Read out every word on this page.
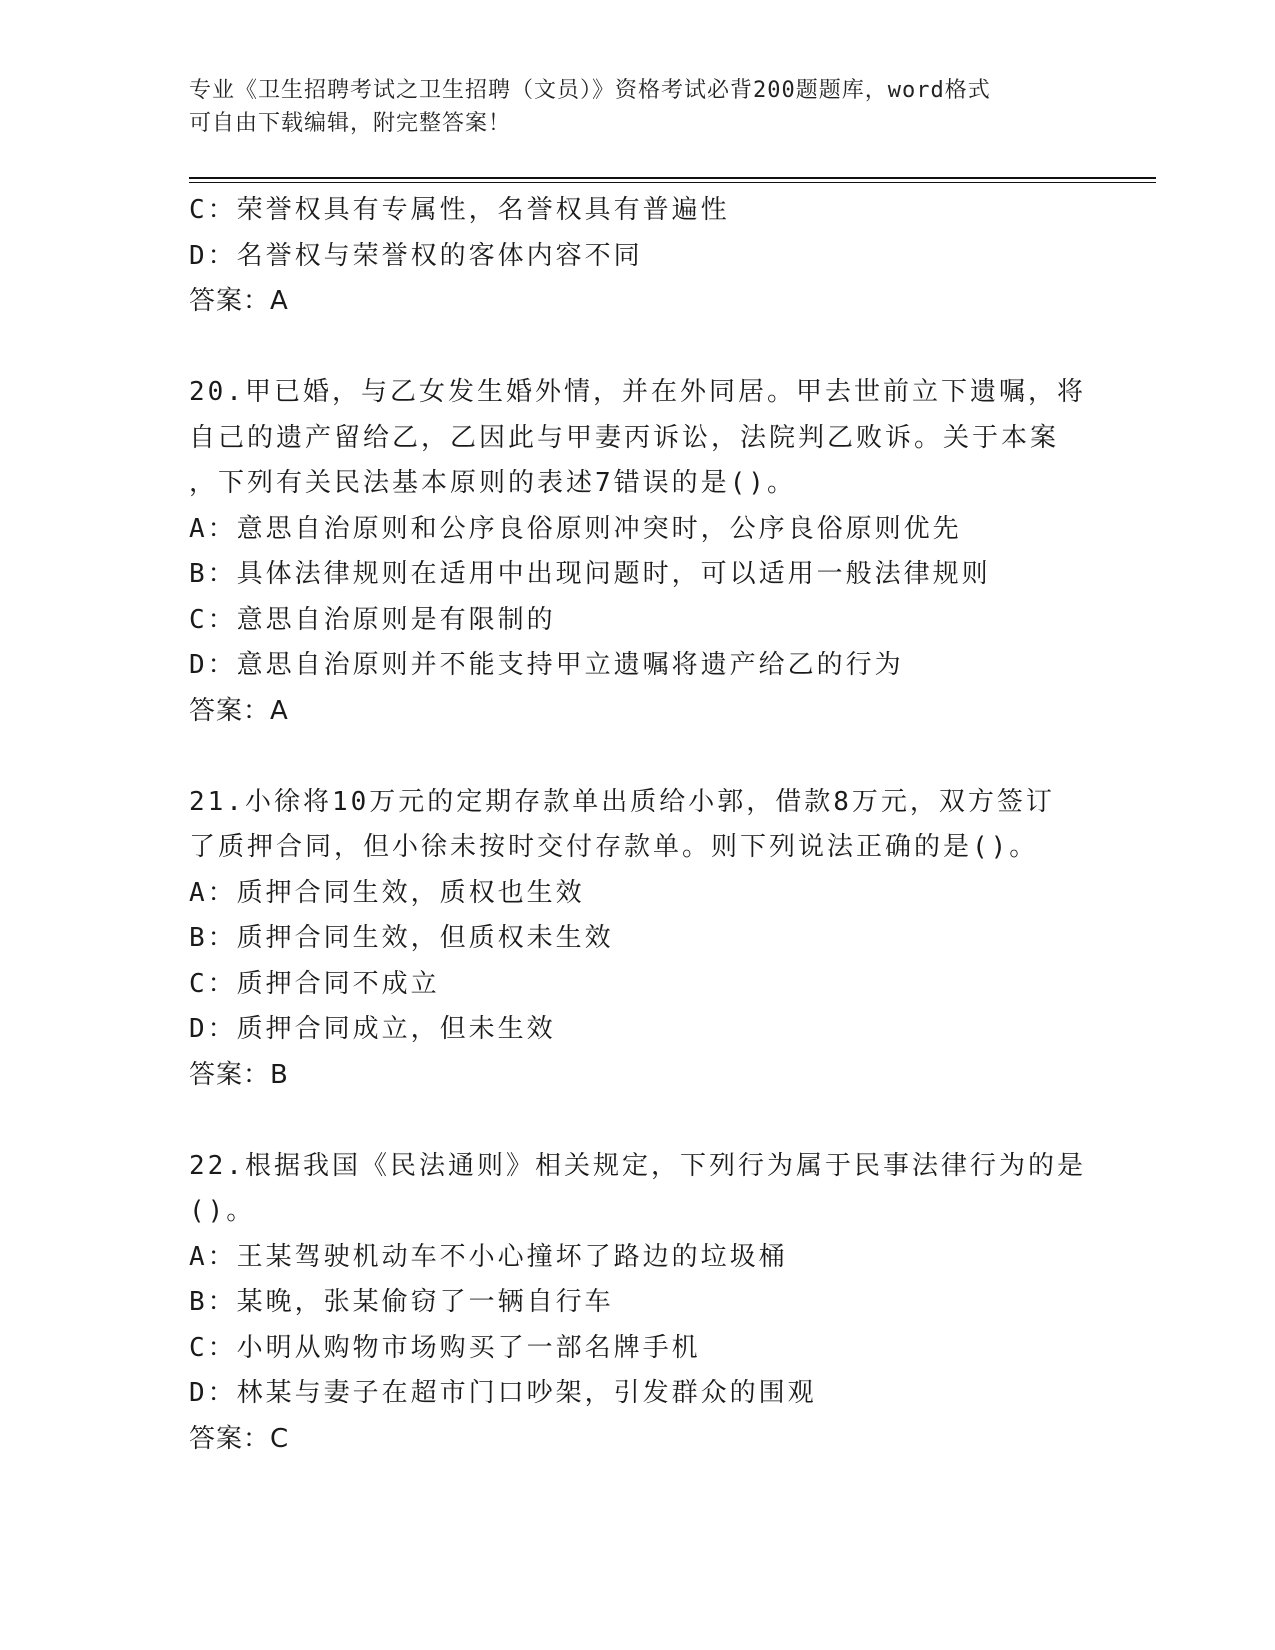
专业《卫生招聘考试之卫生招聘（文员）》资格考试必背200题题库，word格式
可自由下载编辑，附完整答案！
C：荣誉权具有专属性，名誉权具有普遍性
D：名誉权与荣誉权的客体内容不同
答案：A
20.甲已婚，与乙女发生婚外情，并在外同居。甲去世前立下遗嘱，将
自己的遗产留给乙，乙因此与甲妻丙诉讼，法院判乙败诉。关于本案
，下列有关民法基本原则的表述7错误的是()。
A：意思自治原则和公序良俗原则冲突时，公序良俗原则优先
B：具体法律规则在适用中出现问题时，可以适用一般法律规则
C：意思自治原则是有限制的
D：意思自治原则并不能支持甲立遗嘱将遗产给乙的行为
答案：A
21.小徐将10万元的定期存款单出质给小郭，借款8万元，双方签订
了质押合同，但小徐未按时交付存款单。则下列说法正确的是()。
A：质押合同生效，质权也生效
B：质押合同生效，但质权未生效
C：质押合同不成立
D：质押合同成立，但未生效
答案：B
22.根据我国《民法通则》相关规定，下列行为属于民事法律行为的是
()。
A：王某驾驶机动车不小心撞坏了路边的垃圾桶
B：某晚，张某偷窃了一辆自行车
C：小明从购物市场购买了一部名牌手机
D：林某与妻子在超市门口吵架，引发群众的围观
答案：C
